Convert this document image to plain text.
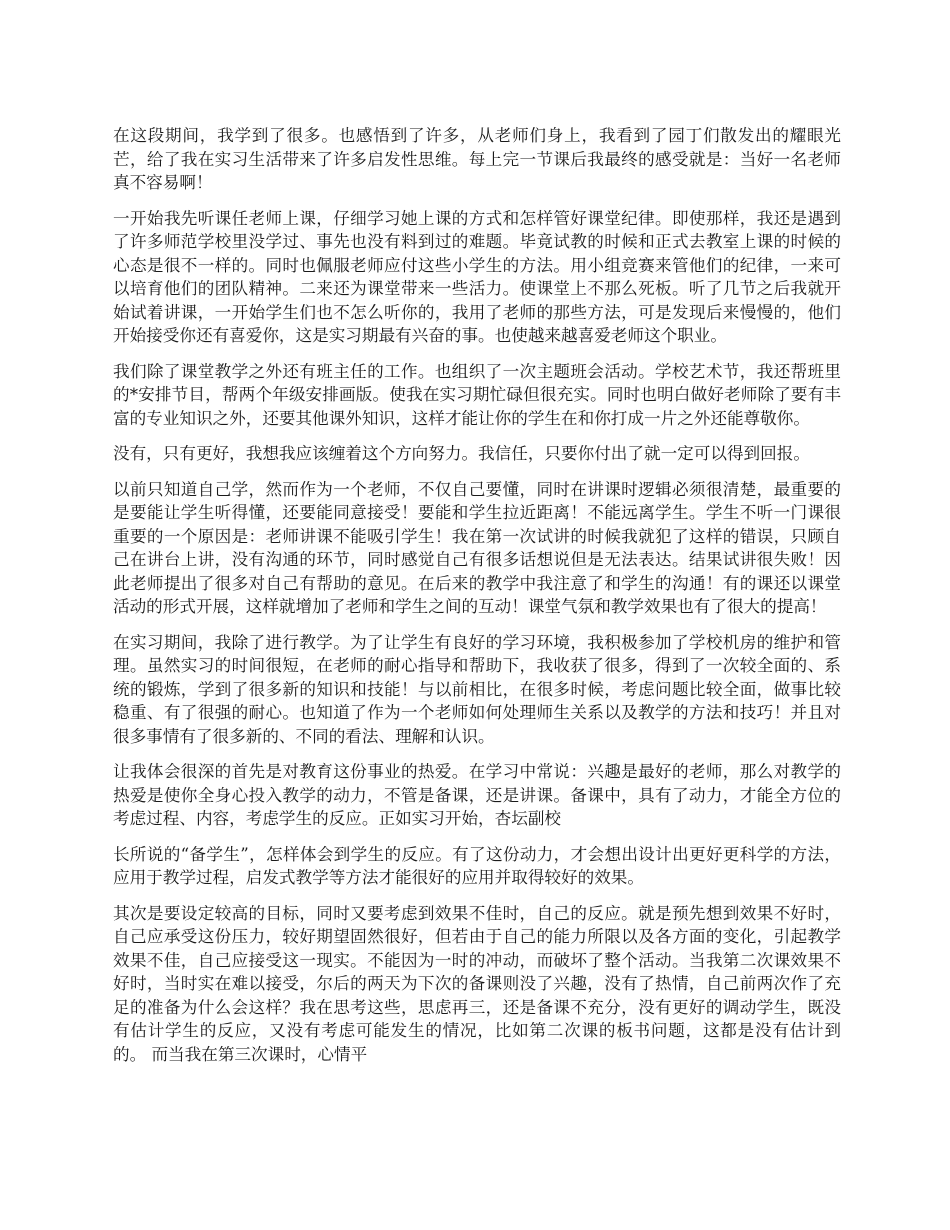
在这段期间，我学到了很多。也感悟到了许多，从老师们身上，我看到了园丁们散发出的耀眼光芒，给了我在实习生活带来了许多启发性思维。每上完一节课后我最终的感受就是：当好一名老师真不容易啊！

一开始我先听课任老师上课，仔细学习她上课的方式和怎样管好课堂纪律。即使那样，我还是遇到了许多师范学校里没学过、事先也没有料到过的难题。毕竟试教的时候和正式去教室上课的时候的心态是很不一样的。同时也佩服老师应付这些小学生的方法。用小组竞赛来管他们的纪律，一来可以培育他们的团队精神。二来还为课堂带来一些活力。使课堂上不那么死板。听了几节之后我就开始试着讲课，一开始学生们也不怎么听你的，我用了老师的那些方法，可是发现后来慢慢的，他们开始接受你还有喜爱你，这是实习期最有兴奋的事。也使越来越喜爱老师这个职业。

我们除了课堂教学之外还有班主任的工作。也组织了一次主题班会活动。学校艺术节，我还帮班里的*安排节目，帮两个年级安排画版。使我在实习期忙碌但很充实。同时也明白做好老师除了要有丰富的专业知识之外，还要其他课外知识，这样才能让你的学生在和你打成一片之外还能尊敬你。

没有，只有更好，我想我应该缠着这个方向努力。我信任，只要你付出了就一定可以得到回报。

以前只知道自己学，然而作为一个老师，不仅自己要懂，同时在讲课时逻辑必须很清楚，最重要的是要能让学生听得懂，还要能同意接受！要能和学生拉近距离！不能远离学生。学生不听一门课很重要的一个原因是：老师讲课不能吸引学生！我在第一次试讲的时候我就犯了这样的错误，只顾自己在讲台上讲，没有沟通的环节，同时感觉自己有很多话想说但是无法表达。结果试讲很失败！因此老师提出了很多对自己有帮助的意见。在后来的教学中我注意了和学生的沟通！有的课还以课堂活动的形式开展，这样就增加了老师和学生之间的互动！课堂气氛和教学效果也有了很大的提高！

在实习期间，我除了进行教学。为了让学生有良好的学习环境，我积极参加了学校机房的维护和管理。虽然实习的时间很短，在老师的耐心指导和帮助下，我收获了很多，得到了一次较全面的、系统的锻炼，学到了很多新的知识和技能！与以前相比，在很多时候，考虑问题比较全面，做事比较稳重、有了很强的耐心。也知道了作为一个老师如何处理师生关系以及教学的方法和技巧！并且对很多事情有了很多新的、不同的看法、理解和认识。

让我体会很深的首先是对教育这份事业的热爱。在学习中常说：兴趣是最好的老师，那么对教学的热爱是使你全身心投入教学的动力，不管是备课，还是讲课。备课中，具有了动力，才能全方位的考虑过程、内容，考虑学生的反应。正如实习开始，杏坛副校

长所说的“备学生”，怎样体会到学生的反应。有了这份动力，才会想出设计出更好更科学的方法，应用于教学过程，启发式教学等方法才能很好的应用并取得较好的效果。

其次是要设定较高的目标，同时又要考虑到效果不佳时，自己的反应。就是预先想到效果不好时，自己应承受这份压力，较好期望固然很好，但若由于自己的能力所限以及各方面的变化，引起教学效果不佳，自己应接受这一现实。不能因为一时的冲动，而破坏了整个活动。当我第二次课效果不好时，当时实在难以接受，尔后的两天为下次的备课则没了兴趣，没有了热情，自己前两次作了充足的准备为什么会这样？我在思考这些，思虑再三，还是备课不充分，没有更好的调动学生，既没有估计学生的反应，又没有考虑可能发生的情况，比如第二次课的板书问题，这都是没有估计到的。 而当我在第三次课时，心情平
